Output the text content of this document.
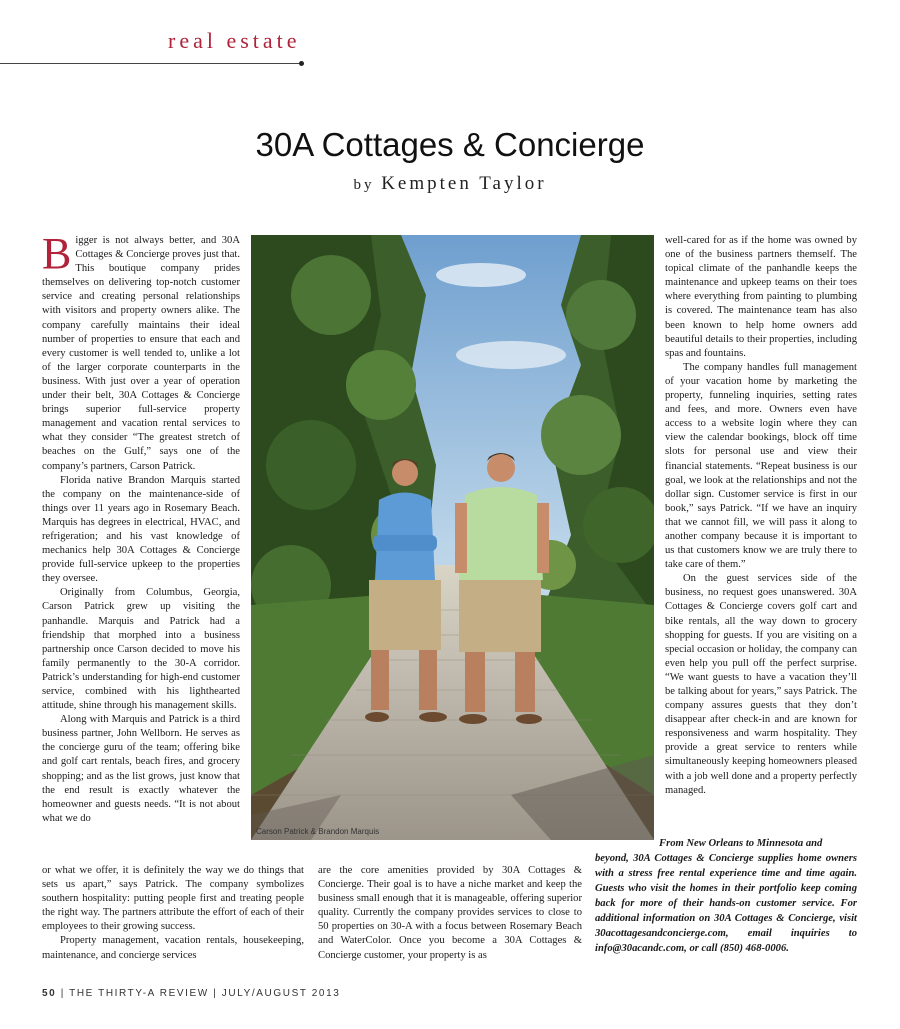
real estate
30A Cottages & Concierge
by Kempten Taylor

Bigger is not always better, and 30A Cottages & Concierge proves just that. This boutique company prides themselves on delivering top-notch customer service and creating personal relationships with visitors and property owners alike. The company carefully maintains their ideal number of properties to ensure that each and every customer is well tended to, unlike a lot of the larger corporate counterparts in the business. With just over a year of operation under their belt, 30A Cottages & Concierge brings superior full-service property management and vacation rental services to what they consider “The greatest stretch of beaches on the Gulf,” says one of the company’s partners, Carson Patrick.

Florida native Brandon Marquis started the company on the maintenance-side of things over 11 years ago in Rosemary Beach. Marquis has degrees in electrical, HVAC, and refrigeration; and his vast knowledge of mechanics help 30A Cottages & Concierge provide full-service upkeep to the properties they oversee.

Originally from Columbus, Georgia, Carson Patrick grew up visiting the panhandle. Marquis and Patrick had a friendship that morphed into a business partnership once Carson decided to move his family permanently to the 30-A corridor. Patrick’s understanding for high-end customer service, combined with his lighthearted attitude, shine through his management skills.

Along with Marquis and Patrick is a third business partner, John Wellborn. He serves as the concierge guru of the team; offering bike and golf cart rentals, beach fires, and grocery shopping; and as the list grows, just know that the end result is exactly whatever the homeowner and guests needs. “It is not about what we do

or what we offer, it is definitely the way we do things that sets us apart,” says Patrick. The company symbolizes southern hospitality: putting people first and treating people the right way. The partners attribute the effort of each of their employees to their growing success.

Property management, vacation rentals, housekeeping, maintenance, and concierge services

are the core amenities provided by 30A Cottages & Concierge. Their goal is to have a niche market and keep the business small enough that it is manageable, offering superior quality. Currently the company provides services to close to 50 properties on 30-A with a focus between Rosemary Beach and WaterColor. Once you become a 30A Cottages & Concierge customer, your property is as

well-cared for as if the home was owned by one of the business partners themself. The topical climate of the panhandle keeps the maintenance and upkeep teams on their toes where everything from painting to plumbing is covered. The maintenance team has also been known to help home owners add beautiful details to their properties, including spas and fountains.

The company handles full management of your vacation home by marketing the property, funneling inquiries, setting rates and fees, and more. Owners even have access to a website login where they can view the calendar bookings, block off time slots for personal use and view their financial statements. “Repeat business is our goal, we look at the relationships and not the dollar sign. Customer service is first in our book,” says Patrick. “If we have an inquiry that we cannot fill, we will pass it along to another company because it is important to us that customers know we are truly there to take care of them.”

On the guest services side of the business, no request goes unanswered. 30A Cottages & Concierge covers golf cart and bike rentals, all the way down to grocery shopping for guests. If you are visiting on a special occasion or holiday, the company can even help you pull off the perfect surprise. “We want guests to have a vacation they’ll be talking about for years,” says Patrick. The company assures guests that they don’t disappear after check-in and are known for responsiveness and warm hospitality. They provide a great service to renters while simultaneously keeping homeowners pleased with a job well done and a property perfectly managed.

From New Orleans to Minnesota and
beyond, 30A Cottages & Concierge supplies home owners with a stress free rental experience time and time again. Guests who visit the homes in their portfolio keep coming back for more of their hands-on customer service. For additional information on 30A Cottages & Concierge, visit 30acottagesandconcierge.com, email inquiries to info@30acandc.com, or call (850) 468-0006.
Carson Patrick & Brandon Marquis
50 | THE THIRTY-A REVIEW | JULY/AUGUST 2013
